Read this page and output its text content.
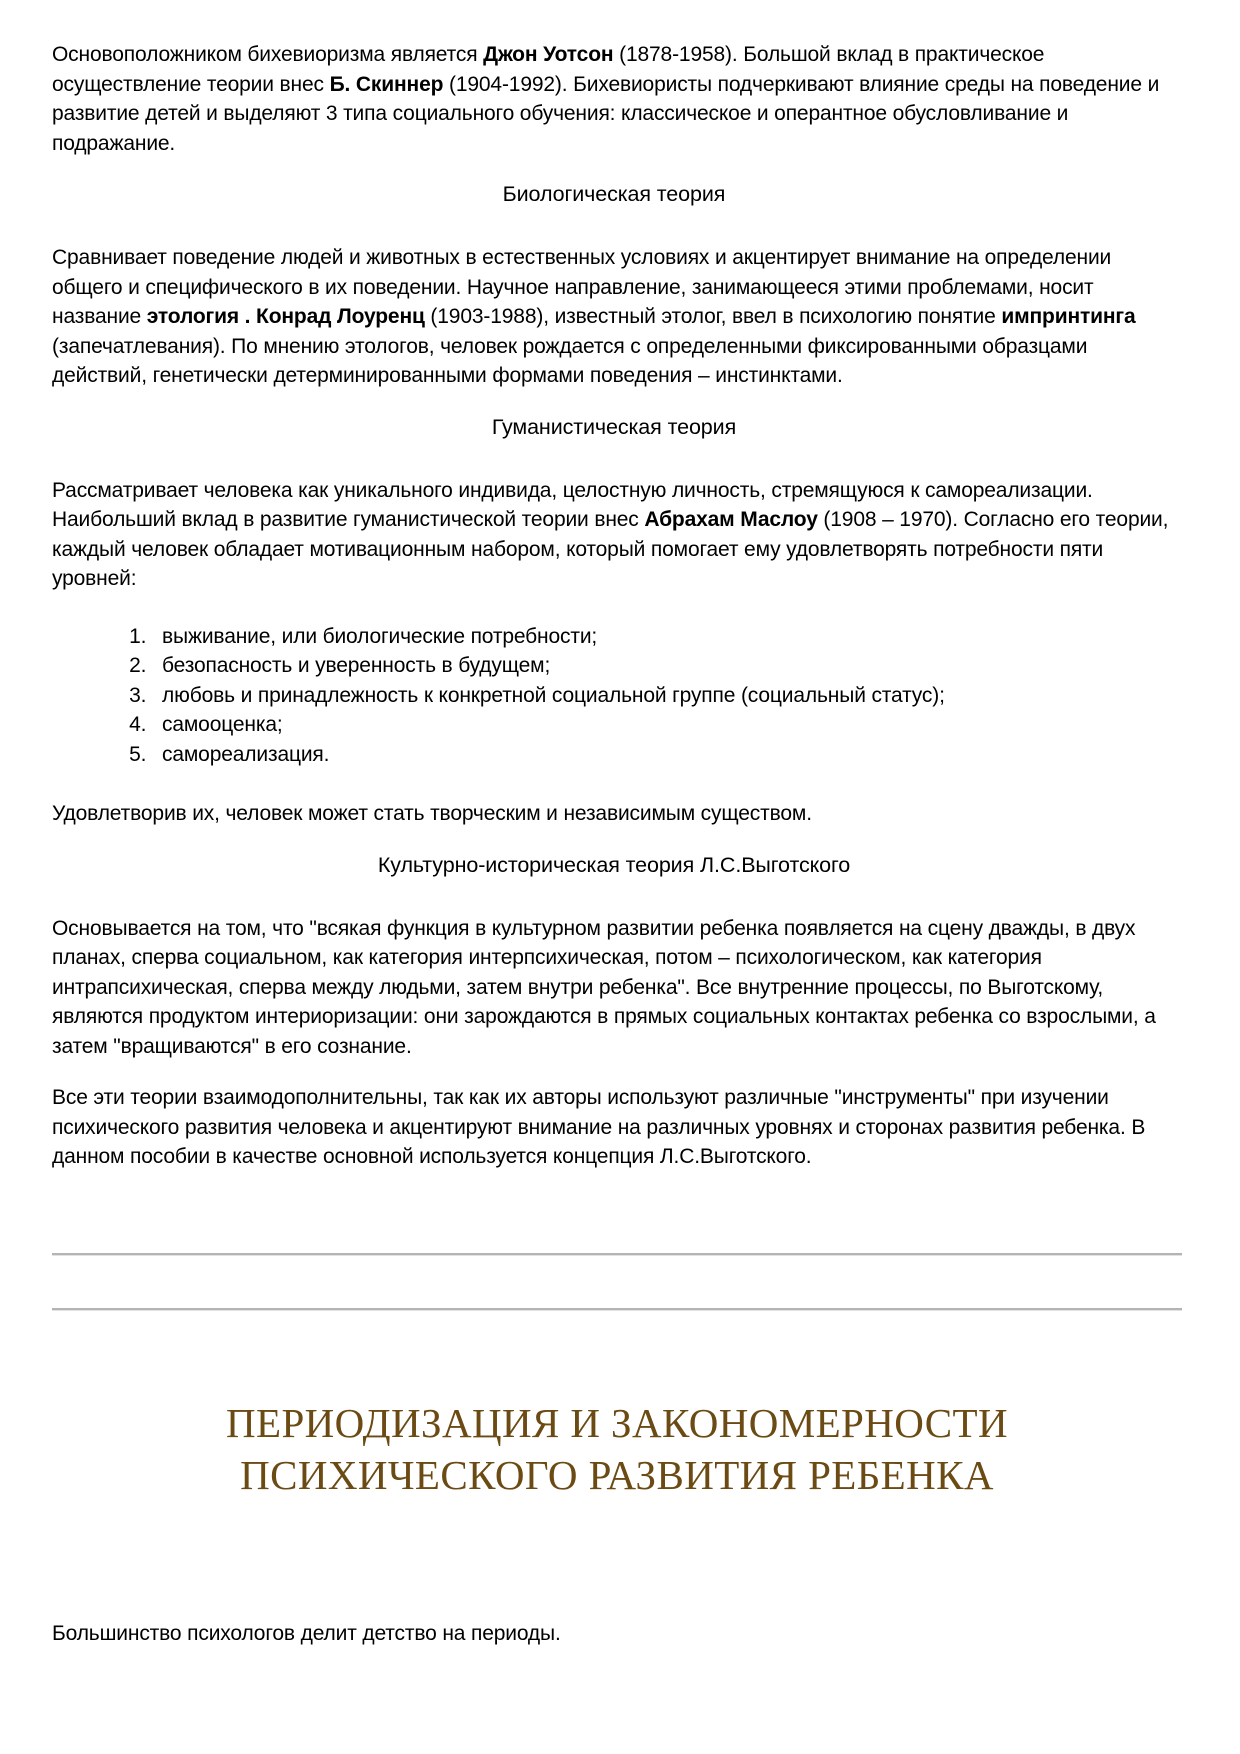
Основоположником бихевиоризма является Джон Уотсон (1878-1958). Большой вклад в практическое осуществление теории внес Б. Скиннер (1904-1992). Бихевиористы подчеркивают влияние среды на поведение и развитие детей и выделяют 3 типа социального обучения: классическое и оперантное обусловливание и подражание.

Биологическая теория

Сравнивает поведение людей и животных в естественных условиях и акцентирует внимание на определении общего и специфического в их поведении. Научное направление, занимающееся этими проблемами, носит название этология . Конрад Лоуренц (1903-1988), известный этолог, ввел в психологию понятие импринтинга (запечатлевания). По мнению этологов, человек рождается с определенными фиксированными образцами действий, генетически детерминированными формами поведения – инстинктами.

Гуманистическая теория

Рассматривает человека как уникального индивида, целостную личность, стремящуюся к самореализации. Наибольший вклад в развитие гуманистической теории внес Абрахам Маслоу (1908 – 1970). Согласно его теории, каждый человек обладает мотивационным набором, который помогает ему удовлетворять потребности пяти уровней:

1. выживание, или биологические потребности;
2. безопасность и уверенность в будущем;
3. любовь и принадлежность к конкретной социальной группе (социальный статус);
4. самооценка;
5. самореализация.

Удовлетворив их, человек может стать творческим и независимым существом.

Культурно-историческая теория Л.С.Выготского

Основывается на том, что "всякая функция в культурном развитии ребенка появляется на сцену дважды, в двух планах, сперва социальном, как категория интерпсихическая, потом – психологическом, как категория интрапсихическая, сперва между людьми, затем внутри ребенка". Все внутренние процессы, по Выготскому, являются продуктом интериоризации: они зарождаются в прямых социальных контактах ребенка со взрослыми, а затем "вращиваются" в его сознание.

Все эти теории взаимодополнительны, так как их авторы используют различные "инструменты" при изучении психического развития человека и акцентируют внимание на различных уровнях и сторонах развития ребенка. В данном пособии в качестве основной используется концепция Л.С.Выготского.

ПЕРИОДИЗАЦИЯ И ЗАКОНОМЕРНОСТИ
ПСИХИЧЕСКОГО РАЗВИТИЯ РЕБЕНКА

Большинство психологов делит детство на периоды.
